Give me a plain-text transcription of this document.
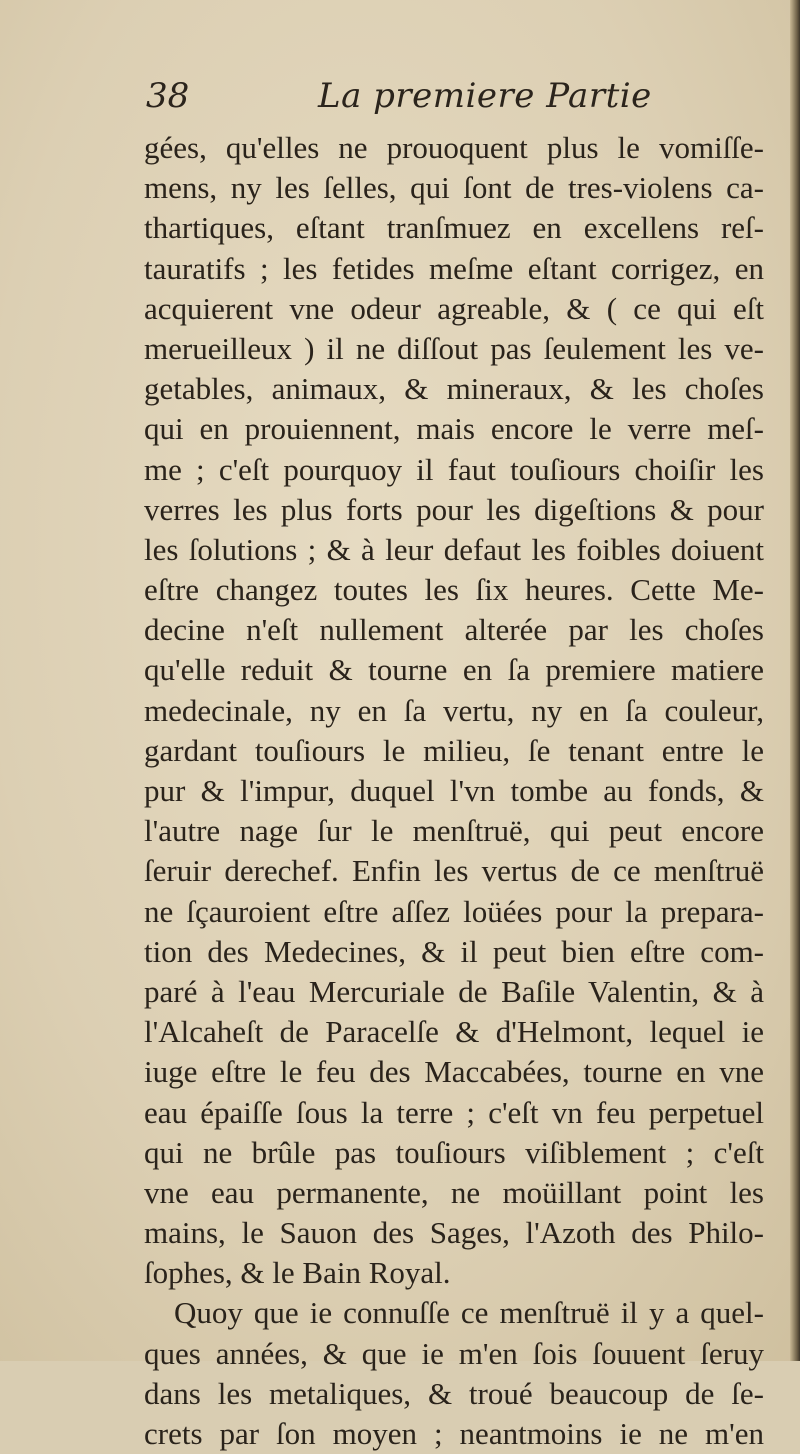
38	La premiere Partie
gées, qu'elles ne prouoquent plus le vomiſſe-
mens, ny les ſelles, qui ſont de tres-violens ca-
thartiques, eſtant tranſmuez en excellens reſ-
tauratifs ; les fetides meſme eſtant corrigez, en
acquierent vne odeur agreable, & ( ce qui eſt
merueilleux ) il ne diſſout pas ſeulement les ve-
getables, animaux, & mineraux, & les choſes
qui en prouiennent, mais encore le verre meſ-
me ; c'eſt pourquoy il faut touſiours choiſir les
verres les plus forts pour les digeſtions & pour
les ſolutions ; & à leur defaut les foibles doiuent
eſtre changez toutes les ſix heures. Cette Me-
decine n'eſt nullement alterée par les choſes
qu'elle reduit & tourne en ſa premiere matiere
medecinale, ny en ſa vertu, ny en ſa couleur,
gardant touſiours le milieu, ſe tenant entre le
pur & l'impur, duquel l'vn tombe au fonds, &
l'autre nage ſur le menſtruë, qui peut encore
ſeruir derechef. Enfin les vertus de ce menſtruë
ne ſçauroient eſtre aſſez loüées pour la prepara-
tion des Medecines, & il peut bien eſtre com-
paré à l'eau Mercuriale de Baſile Valentin, & à
l'Alcaheſt de Paracelſe & d'Helmont, lequel ie
iuge eſtre le feu des Maccabées, tourne en vne
eau épaiſſe ſous la terre ; c'eſt vn feu perpetuel
qui ne brûle pas touſiours viſiblement ; c'eſt
vne eau permanente, ne moüillant point les
mains, le Sauon des Sages, l'Azoth des Philo-
ſophes, & le Bain Royal.
Quoy que ie connuſſe ce menſtruë il y a quel-
ques années, & que ie m'en ſois ſouuent ſeruy
dans les metaliques, & troué beaucoup de ſe-
crets par ſon moyen ; neantmoins ie ne m'en
